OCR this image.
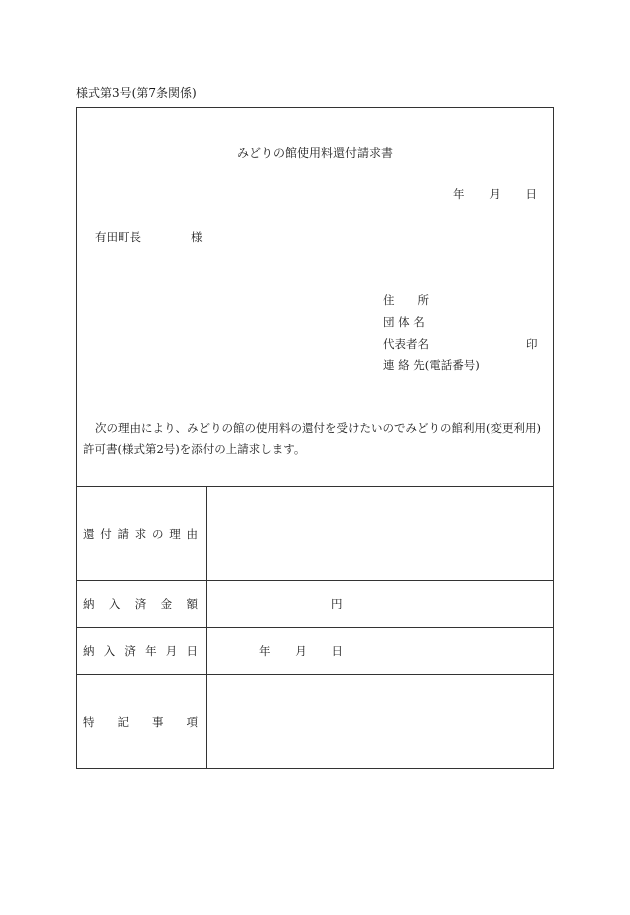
様式第3号(第7条関係)
みどりの館使用料還付請求書
年 月 日
有田町長	様
住　　所
団 体 名
代表者名	印
連 絡 先(電話番号)
次の理由により、みどりの館の使用料の還付を受けたいのでみどりの館利用(変更利用)許可書(様式第2号)を添付の上請求します。
還付請求の理由
納入済金額	円
納入済年月日	年 月 日
特記事項
